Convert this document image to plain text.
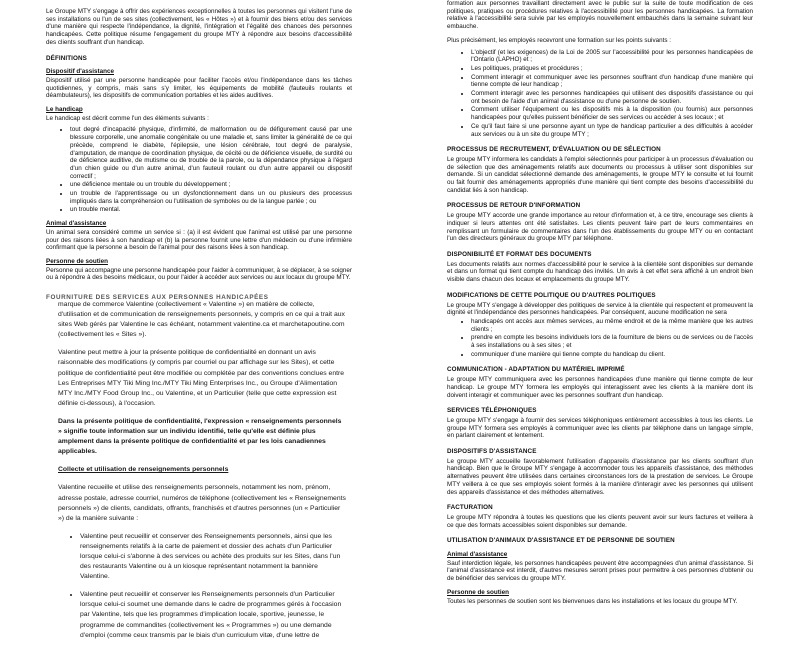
Le Groupe MTY s'engage à offrir des expériences exceptionnelles à toutes les personnes qui visitent l'une de ses installations ou l'un de ses sites (collectivement, les « Hôtes ») et à fournir des biens et/ou des services d'une manière qui respecte l'indépendance, la dignité, l'intégration et l'égalité des chances des personnes handicapées. Cette politique résume l'engagement du groupe MTY à répondre aux besoins d'accessibilité des clients souffrant d'un handicap.

DÉFINITIONS

Dispositif d'assistance

Dispositif utilisé par une personne handicapée pour faciliter l'accès et/ou l'indépendance dans les tâches quotidiennes, y compris, mais sans s'y limiter, les équipements de mobilité (fauteuils roulants et déambulateurs), les dispositifs de communication portables et les aides auditives.

Le handicap

Le handicap est décrit comme l'un des éléments suivants :

• tout degré d'incapacité physique, d'infirmité, de malformation ou de défigurement causé par une blessure corporelle, une anomalie congénitale ou une maladie et, sans limiter la généralité de ce qui précède, comprend le diabète, l'épilepsie, une lésion cérébrale, tout degré de paralysie, d'amputation, de manque de coordination physique, de cécité ou de déficience visuelle, de surdité ou de déficience auditive, de mutisme ou de trouble de la parole, ou la dépendance physique à l'égard d'un chien guide ou d'un autre animal, d'un fauteuil roulant ou d'un autre appareil ou dispositif correctif ;
• une déficience mentale ou un trouble du développement ;
• un trouble de l'apprentissage ou un dysfonctionnement dans un ou plusieurs des processus impliqués dans la compréhension ou l'utilisation de symboles ou de la langue parlée ; ou
• un trouble mental.

Animal d'assistance

Un animal sera considéré comme un service si : (a) il est évident que l'animal est utilisé par une personne pour des raisons liées à son handicap et (b) la personne fournit une lettre d'un médecin ou d'une infirmière confirmant que la personne a besoin de l'animal pour des raisons liées à son handicap.

Personne de soutien

Personne qui accompagne une personne handicapée pour l'aider à communiquer, à se déplacer, à se soigner ou à répondre à des besoins médicaux, ou pour l'aider à accéder aux services ou aux locaux du groupe MTY.

FOURNITURE DES SERVICES AUX PERSONNES HANDICAPÉES

marque de commerce Valentine (collectivement « Valentine ») en matière de collecte, d'utilisation et de communication de renseignements personnels, y compris en ce qui a trait aux sites Web gérés par Valentine le cas échéant, notamment valentine.ca et marchetapoutine.com (collectivement les « Sites »).

Valentine peut mettre à jour la présente politique de confidentialité en donnant un avis raisonnable des modifications (y compris par courriel ou par affichage sur les Sites), et cette politique de confidentialité peut être modifiée ou complétée par des conventions conclues entre Les Entreprises MTY Tiki Ming Inc./MTY Tiki Ming Enterprises Inc., ou Groupe d'Alimentation MTY Inc./MTY Food Group Inc., ou Valentine, et un Particulier (telle que cette expression est définie ci-dessous), à l'occasion.

Dans la présente politique de confidentialité, l'expression « renseignements personnels » signifie toute information sur un individu identifié, telle qu'elle est définie plus amplement dans la présente politique de confidentialité et par les lois canadiennes applicables.

Collecte et utilisation de renseignements personnels

Valentine recueille et utilise des renseignements personnels, notamment les nom, prénom, adresse postale, adresse courriel, numéros de téléphone (collectivement les « Renseignements personnels ») de clients, candidats, offrants, franchisés et d'autres personnes (un « Particulier ») de la manière suivante :

• Valentine peut recueillir et conserver des Renseignements personnels, ainsi que les renseignements relatifs à la carte de paiement et dossier des achats d'un Particulier lorsque celui-ci s'abonne à des services ou achète des produits sur les Sites, dans l'un des restaurants Valentine ou à un kiosque représentant notamment la bannière Valentine.
• Valentine peut recueillir et conserver les Renseignements personnels d'un Particulier lorsque celui-ci soumet une demande dans le cadre de programmes gérés à l'occasion par Valentine, tels que les programmes d'implication locale, sportive, jeunesse, le programme de commandites (collectivement les « Programmes ») ou une demande d'emploi (comme ceux transmis par le biais d'un curriculum vitæ, d'une lettre de

formation aux personnes travaillant directement avec le public sur la suite de toute modification de ces politiques, pratiques ou procédures relatives à l'accessibilité pour les personnes handicapées. La formation relative à l'accessibilité sera suivie par les employés nouvellement embauchés dans la semaine suivant leur embauche.

Plus précisément, les employés recevront une formation sur les points suivants :

• L'objectif (et les exigences) de la Loi de 2005 sur l'accessibilité pour les personnes handicapées de l'Ontario (LAPHO) et ;
• Les politiques, pratiques et procédures ;
• Comment interagir et communiquer avec les personnes souffrant d'un handicap d'une manière qui tienne compte de leur handicap ;
• Comment interagir avec les personnes handicapées qui utilisent des dispositifs d'assistance ou qui ont besoin de l'aide d'un animal d'assistance ou d'une personne de soutien.
• Comment utiliser l'équipement ou les dispositifs mis à la disposition (ou fournis) aux personnes handicapées pour qu'elles puissent bénéficier de ses services ou accéder à ses locaux ; et
• Ce qu'il faut faire si une personne ayant un type de handicap particulier a des difficultés à accéder aux services ou à un site du groupe MTY ;

PROCESSUS DE RECRUTEMENT, D'ÉVALUATION OU DE SÉLECTION

Le groupe MTY informera les candidats à l'emploi sélectionnés pour participer à un processus d'évaluation ou de sélection que des aménagements relatifs aux documents ou processus à utiliser sont disponibles sur demande. Si un candidat sélectionné demande des aménagements, le groupe MTY le consulte et lui fournit ou fait fournir des aménagements appropriés d'une manière qui tient compte des besoins d'accessibilité du candidat liés à son handicap.

PROCESSUS DE RETOUR D'INFORMATION

Le groupe MTY accorde une grande importance au retour d'information et, à ce titre, encourage ses clients à indiquer si leurs attentes ont été satisfaites. Les clients peuvent faire part de leurs commentaires en remplissant un formulaire de commentaires dans l'un des établissements du groupe MTY ou en contactant l'un des directeurs généraux du groupe MTY par téléphone.

DISPONIBILITÉ ET FORMAT DES DOCUMENTS

Les documents relatifs aux normes d'accessibilité pour le service à la clientèle sont disponibles sur demande et dans un format qui tient compte du handicap des invités. Un avis à cet effet sera affiché à un endroit bien visible dans chacun des locaux et emplacements du groupe MTY.

MODIFICATIONS DE CETTE POLITIQUE OU D'AUTRES POLITIQUES

Le groupe MTY s'engage à développer des politiques de service à la clientèle qui respectent et promeuvent la dignité et l'indépendance des personnes handicapées. Par conséquent, aucune modification ne sera

• handicapés ont accès aux mêmes services, au même endroit et de la même manière que les autres clients ;
• prendre en compte les besoins individuels lors de la fourniture de biens ou de services ou de l'accès à ses installations ou à ses sites ; et
• communiquer d'une manière qui tienne compte du handicap du client.

COMMUNICATION - ADAPTATION DU MATÉRIEL IMPRIMÉ

Le groupe MTY communiquera avec les personnes handicapées d'une manière qui tienne compte de leur handicap. Le groupe MTY formera les employés qui interagissent avec les clients à la manière dont ils doivent interagir et communiquer avec les personnes souffrant d'un handicap.

SERVICES TÉLÉPHONIQUES

Le groupe MTY s'engage à fournir des services téléphoniques entièrement accessibles à tous les clients. Le groupe MTY formera ses employés à communiquer avec les clients par téléphone dans un langage simple, en parlant clairement et lentement.

DISPOSITIFS D'ASSISTANCE

Le groupe MTY accueille favorablement l'utilisation d'appareils d'assistance par les clients souffrant d'un handicap. Bien que le Groupe MTY s'engage à accommoder tous les appareils d'assistance, des méthodes alternatives peuvent être utilisées dans certaines circonstances lors de la prestation de services. Le Groupe MTY veillera à ce que ses employés soient formés à la manière d'interagir avec les personnes qui utilisent des appareils d'assistance et des méthodes alternatives.

FACTURATION

Le groupe MTY répondra à toutes les questions que les clients peuvent avoir sur leurs factures et veillera à ce que des formats accessibles soient disponibles sur demande.

UTILISATION D'ANIMAUX D'ASSISTANCE ET DE PERSONNE DE SOUTIEN

Animal d'assistance

Sauf interdiction légale, les personnes handicapées peuvent être accompagnées d'un animal d'assistance. Si l'animal d'assistance est interdit, d'autres mesures seront prises pour permettre à ces personnes d'obtenir ou de bénéficier des services du groupe MTY.

Personne de soutien

Toutes les personnes de soutien sont les bienvenues dans les installations et les locaux du groupe MTY.
